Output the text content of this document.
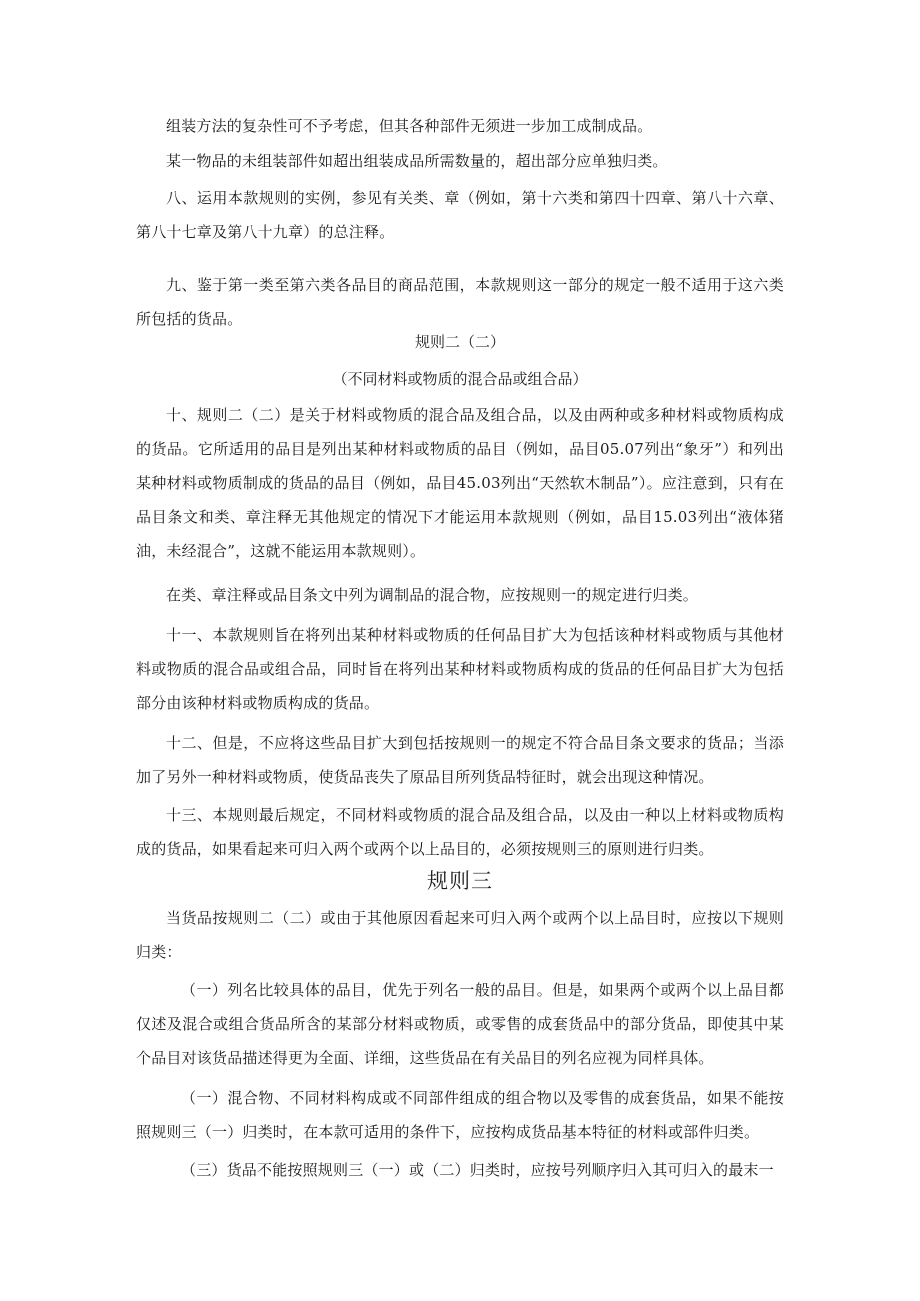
组装方法的复杂性可不予考虑，但其各种部件无须进一步加工成制成品。

某一物品的未组装部件如超出组装成品所需数量的，超出部分应单独归类。

八、运用本款规则的实例，参见有关类、章（例如，第十六类和第四十四章、第八十六章、第八十七章及第八十九章）的总注释。

九、鉴于第一类至第六类各品目的商品范围，本款规则这一部分的规定一般不适用于这六类所包括的货品。

规则二（二）
（不同材料或物质的混合品或组合品）

十、规则二（二）是关于材料或物质的混合品及组合品，以及由两种或多种材料或物质构成的货品。它所适用的品目是列出某种材料或物质的品目（例如，品目05.07列出“象牙”）和列出某种材料或物质制成的货品的品目（例如，品目45.03列出“天然软木制品”）。应注意到，只有在品目条文和类、章注释无其他规定的情况下才能运用本款规则（例如，品目15.03列出“液体猪油，未经混合”，这就不能运用本款规则）。

在类、章注释或品目条文中列为调制品的混合物，应按规则一的规定进行归类。

十一、本款规则旨在将列出某种材料或物质的任何品目扩大为包括该种材料或物质与其他材料或物质的混合品或组合品，同时旨在将列出某种材料或物质构成的货品的任何品目扩大为包括部分由该种材料或物质构成的货品。

十二、但是，不应将这些品目扩大到包括按规则一的规定不符合品目条文要求的货品；当添加了另外一种材料或物质，使货品丧失了原品目所列货品特征时，就会出现这种情况。

十三、本规则最后规定，不同材料或物质的混合品及组合品，以及由一种以上材料或物质构成的货品，如果看起来可归入两个或两个以上品目的，必须按规则三的原则进行归类。

规则三

当货品按规则二（二）或由于其他原因看起来可归入两个或两个以上品目时，应按以下规则归类：

（一）列名比较具体的品目，优先于列名一般的品目。但是，如果两个或两个以上品目都仅述及混合或组合货品所含的某部分材料或物质，或零售的成套货品中的部分货品，即使其中某个品目对该货品描述得更为全面、详细，这些货品在有关品目的列名应视为同样具体。

（一）混合物、不同材料构成或不同部件组成的组合物以及零售的成套货品，如果不能按照规则三（一）归类时，在本款可适用的条件下，应按构成货品基本特征的材料或部件归类。

（三）货品不能按照规则三（一）或（二）归类时，应按号列顺序归入其可归入的最末一
